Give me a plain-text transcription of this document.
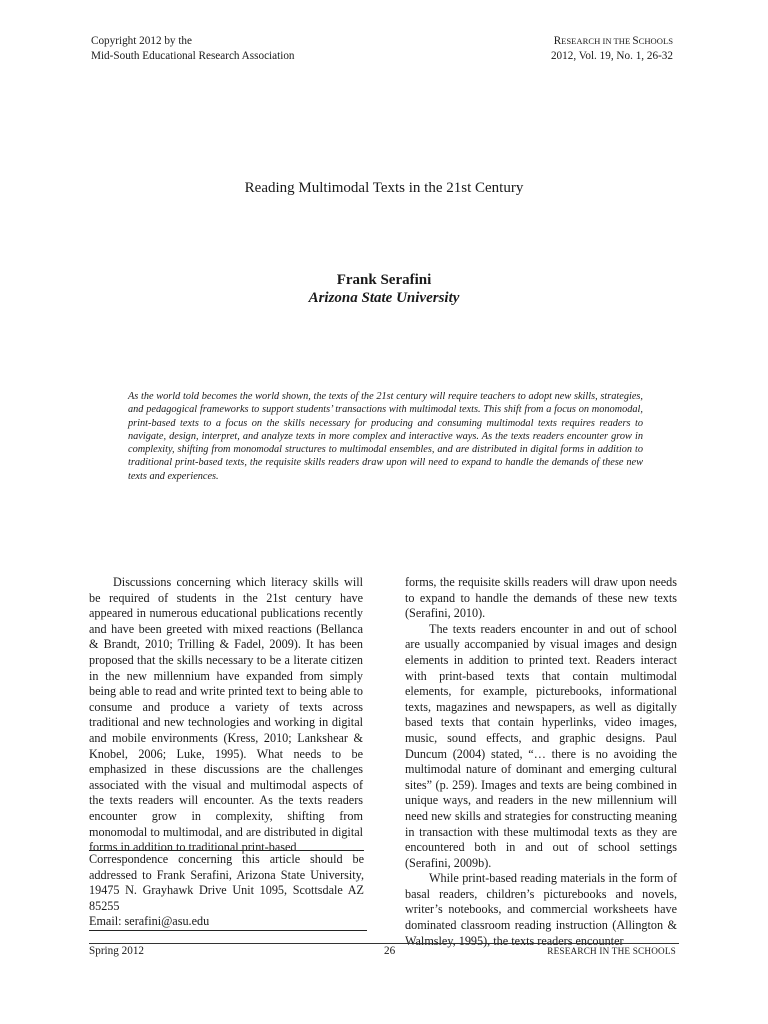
Copyright 2012 by the
Mid-South Educational Research Association
RESEARCH IN THE SCHOOLS
2012, Vol. 19, No. 1, 26-32
Reading Multimodal Texts in the 21st Century
Frank Serafini
Arizona State University
As the world told becomes the world shown, the texts of the 21st century will require teachers to adopt new skills, strategies, and pedagogical frameworks to support students’ transactions with multimodal texts. This shift from a focus on monomodal, print-based texts to a focus on the skills necessary for producing and consuming multimodal texts requires readers to navigate, design, interpret, and analyze texts in more complex and interactive ways. As the texts readers encounter grow in complexity, shifting from monomodal structures to multimodal ensembles, and are distributed in digital forms in addition to traditional print-based texts, the requisite skills readers draw upon will need to expand to handle the demands of these new texts and experiences.

Discussions concerning which literacy skills will be required of students in the 21st century have appeared in numerous educational publications recently and have been greeted with mixed reactions (Bellanca & Brandt, 2010; Trilling & Fadel, 2009). It has been proposed that the skills necessary to be a literate citizen in the new millennium have expanded from simply being able to read and write printed text to being able to consume and produce a variety of texts across traditional and new technologies and working in digital and mobile environments (Kress, 2010; Lankshear & Knobel, 2006; Luke, 1995). What needs to be emphasized in these discussions are the challenges associated with the visual and multimodal aspects of the texts readers will encounter. As the texts readers encounter grow in complexity, shifting from monomodal to multimodal, and are distributed in digital forms in addition to traditional print-based

forms, the requisite skills readers will draw upon needs to expand to handle the demands of these new texts (Serafini, 2010).

The texts readers encounter in and out of school are usually accompanied by visual images and design elements in addition to printed text. Readers interact with print-based texts that contain multimodal elements, for example, picturebooks, informational texts, magazines and newspapers, as well as digitally based texts that contain hyperlinks, video images, music, sound effects, and graphic designs. Paul Duncum (2004) stated, “… there is no avoiding the multimodal nature of dominant and emerging cultural sites” (p. 259). Images and texts are being combined in unique ways, and readers in the new millennium will need new skills and strategies for constructing meaning in transaction with these multimodal texts as they are encountered both in and out of school settings (Serafini, 2009b).

While print-based reading materials in the form of basal readers, children’s picturebooks and novels, writer’s notebooks, and commercial worksheets have dominated classroom reading instruction (Allington & Walmsley, 1995), the texts readers encounter

Correspondence concerning this article should be addressed to Frank Serafini, Arizona State University, 19475 N. Grayhawk Drive Unit 1095, Scottsdale AZ 85255
Email: serafini@asu.edu
Spring 2012	26	RESEARCH IN THE SCHOOLS
